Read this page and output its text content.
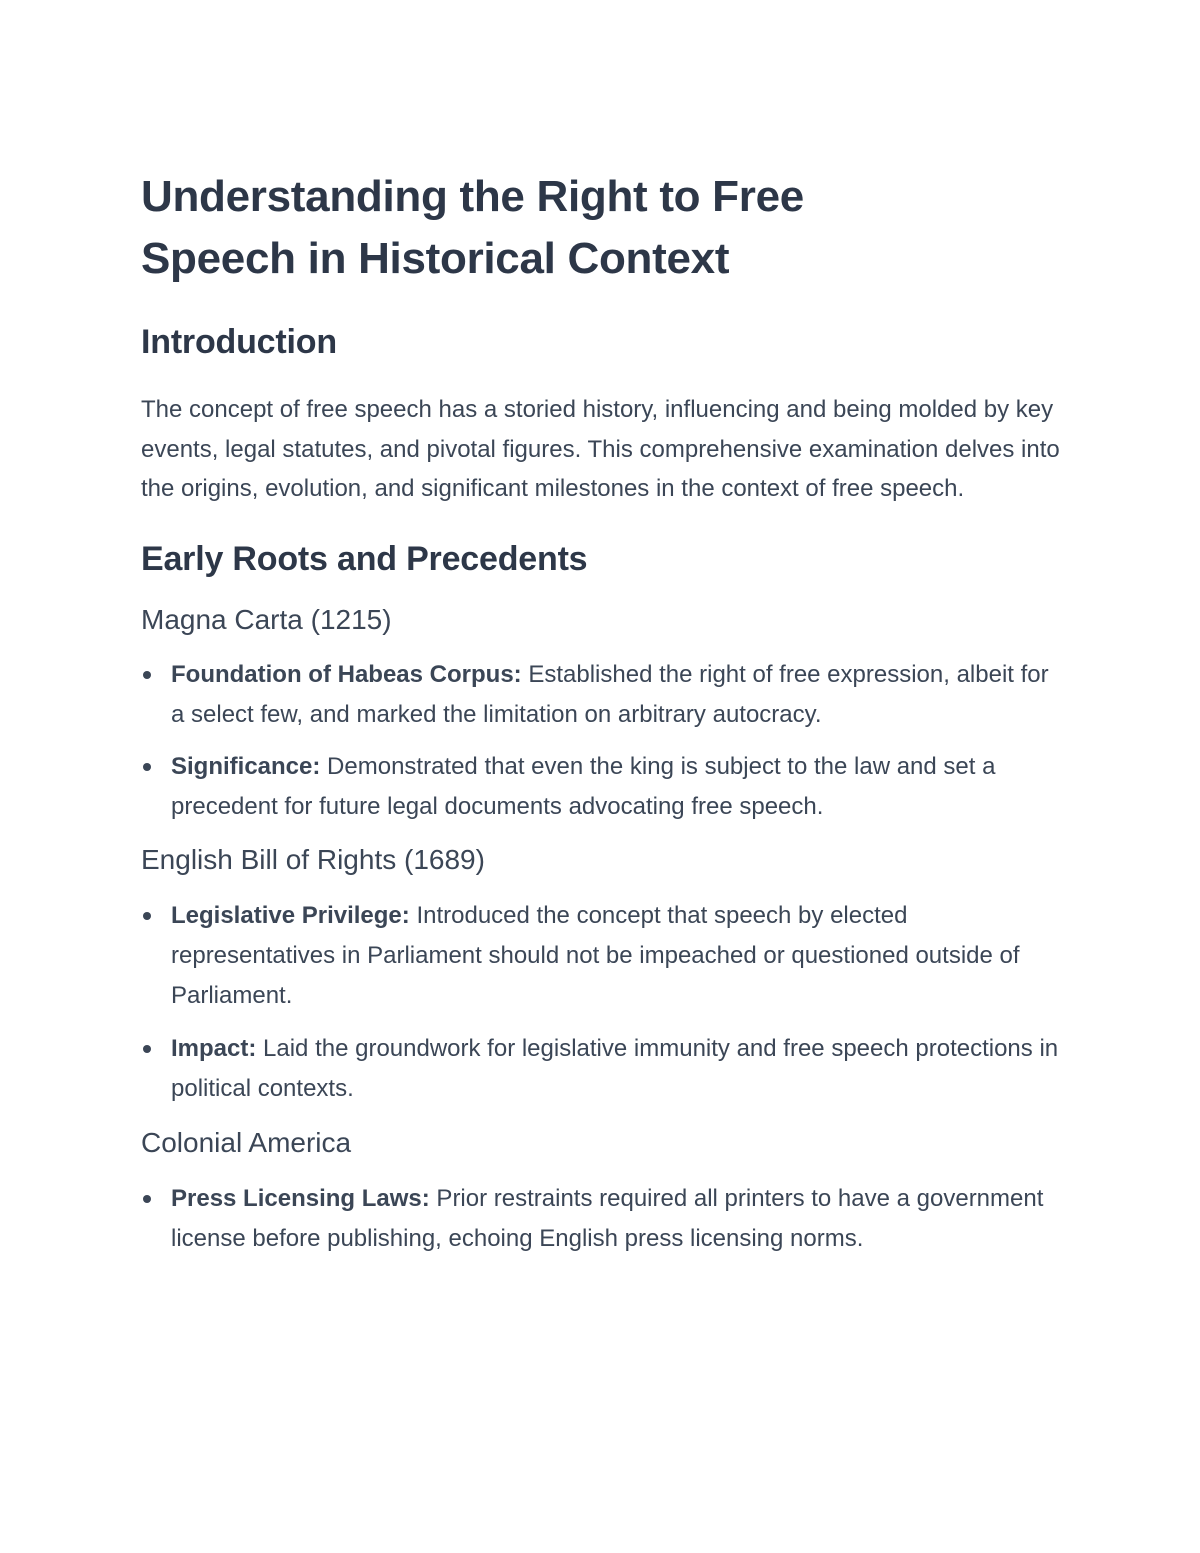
Understanding the Right to Free
Speech in Historical Context
Introduction

The concept of free speech has a storied history, influencing and being molded by key events, legal statutes, and pivotal figures. This comprehensive examination delves into the origins, evolution, and significant milestones in the context of free speech.

Early Roots and Precedents
Magna Carta (1215)
Foundation of Habeas Corpus: Established the right of free expression, albeit for a select few, and marked the limitation on arbitrary autocracy.
Significance: Demonstrated that even the king is subject to the law and set a precedent for future legal documents advocating free speech.
English Bill of Rights (1689)
Legislative Privilege: Introduced the concept that speech by elected representatives in Parliament should not be impeached or questioned outside of Parliament.
Impact: Laid the groundwork for legislative immunity and free speech protections in political contexts.
Colonial America
Press Licensing Laws: Prior restraints required all printers to have a government license before publishing, echoing English press licensing norms.
